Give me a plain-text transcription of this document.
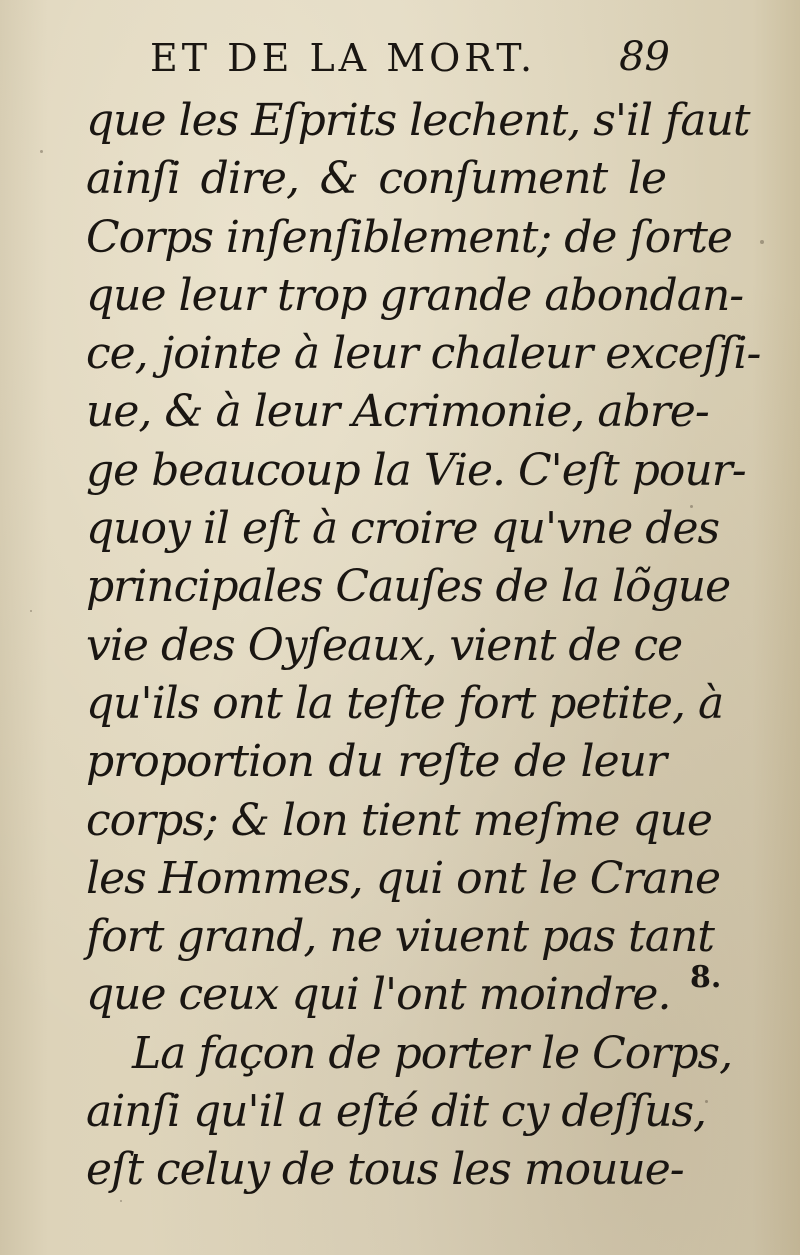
ET DE LA MORT. 89
que les Eſprits lechent, s'il faut
ainſi dire, & conſument le
Corps inſenſiblement; de ſorte
que leur trop grande abondan-
ce, jointe à leur chaleur exceſſi-
ue, & à leur Acrimonie, abre-
ge beaucoup la Vie. C'eſt pour-
quoy il eſt à croire qu'vne des
principales Cauſes de la lõgue
vie des Oyſeaux, vient de ce
qu'ils ont la teſte fort petite, à
proportion du reſte de leur
corps; & lon tient meſme que
les Hommes, qui ont le Crane
fort grand, ne viuent pas tant
que ceux qui l'ont moindre.
La façon de porter le Corps,
ainſi qu'il a eſté dit cy deſſus,
eſt celuy de tous les mouue-
8.
